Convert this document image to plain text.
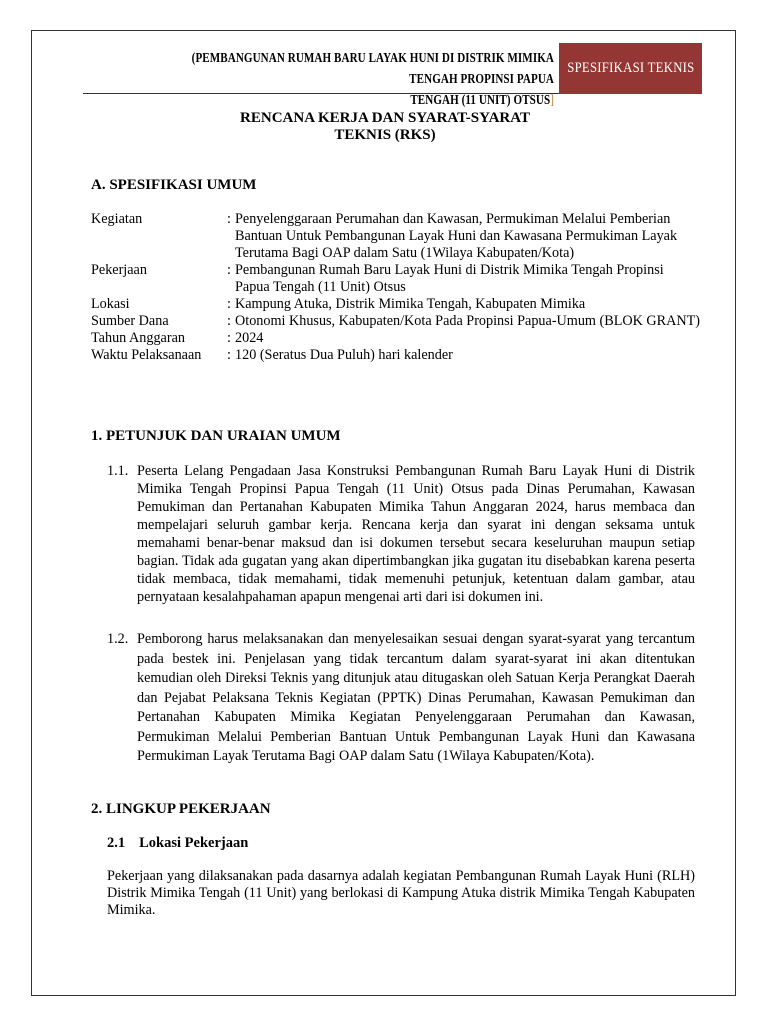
(PEMBANGUNAN RUMAH BARU LAYAK HUNI DI DISTRIK MIMIKA TENGAH PROPINSI PAPUA
TENGAH (11 UNIT) OTSUS]
SPESIFIKASI TEKNIS
RENCANA KERJA DAN SYARAT-SYARAT
TEKNIS (RKS)
A. SPESIFIKASI UMUM
Kegiatan	: Penyelenggaraan Perumahan dan Kawasan, Permukiman Melalui Pemberian Bantuan Untuk Pembangunan Layak Huni dan Kawasana Permukiman Layak Terutama Bagi OAP dalam Satu (1Wilaya Kabupaten/Kota)
Pekerjaan	: Pembangunan Rumah Baru Layak Huni di Distrik Mimika Tengah Propinsi Papua Tengah (11 Unit) Otsus
Lokasi	: Kampung Atuka, Distrik Mimika Tengah, Kabupaten Mimika
Sumber Dana	: Otonomi Khusus, Kabupaten/Kota Pada Propinsi Papua-Umum (BLOK GRANT)
Tahun Anggaran	: 2024
Waktu Pelaksanaan	: 120 (Seratus Dua Puluh) hari kalender
1. PETUNJUK DAN URAIAN UMUM
1.1. Peserta Lelang Pengadaan Jasa Konstruksi Pembangunan Rumah Baru Layak Huni di Distrik Mimika Tengah Propinsi Papua Tengah (11 Unit) Otsus pada Dinas Perumahan, Kawasan Pemukiman dan Pertanahan Kabupaten Mimika Tahun Anggaran 2024, harus membaca dan mempelajari seluruh gambar kerja. Rencana kerja dan syarat ini dengan seksama untuk memahami benar-benar maksud dan isi dokumen tersebut secara keseluruhan maupun setiap bagian. Tidak ada gugatan yang akan dipertimbangkan jika gugatan itu disebabkan karena peserta tidak membaca, tidak memahami, tidak memenuhi petunjuk, ketentuan dalam gambar, atau pernyataan kesalahpahaman apapun mengenai arti dari isi dokumen ini.
1.2. Pemborong harus melaksanakan dan menyelesaikan sesuai dengan syarat-syarat yang tercantum pada bestek ini. Penjelasan yang tidak tercantum dalam syarat-syarat ini akan ditentukan kemudian oleh Direksi Teknis yang ditunjuk atau ditugaskan oleh Satuan Kerja Perangkat Daerah dan Pejabat Pelaksana Teknis Kegiatan (PPTK) Dinas Perumahan, Kawasan Pemukiman dan Pertanahan Kabupaten Mimika Kegiatan Penyelenggaraan Perumahan dan Kawasan, Permukiman Melalui Pemberian Bantuan Untuk Pembangunan Layak Huni dan Kawasana Permukiman Layak Terutama Bagi OAP dalam Satu (1Wilaya Kabupaten/Kota).
2. LINGKUP PEKERJAAN
2.1 Lokasi Pekerjaan
Pekerjaan yang dilaksanakan pada dasarnya adalah kegiatan Pembangunan Rumah Layak Huni (RLH) Distrik Mimika Tengah (11 Unit) yang berlokasi di Kampung Atuka distrik Mimika Tengah Kabupaten Mimika.
